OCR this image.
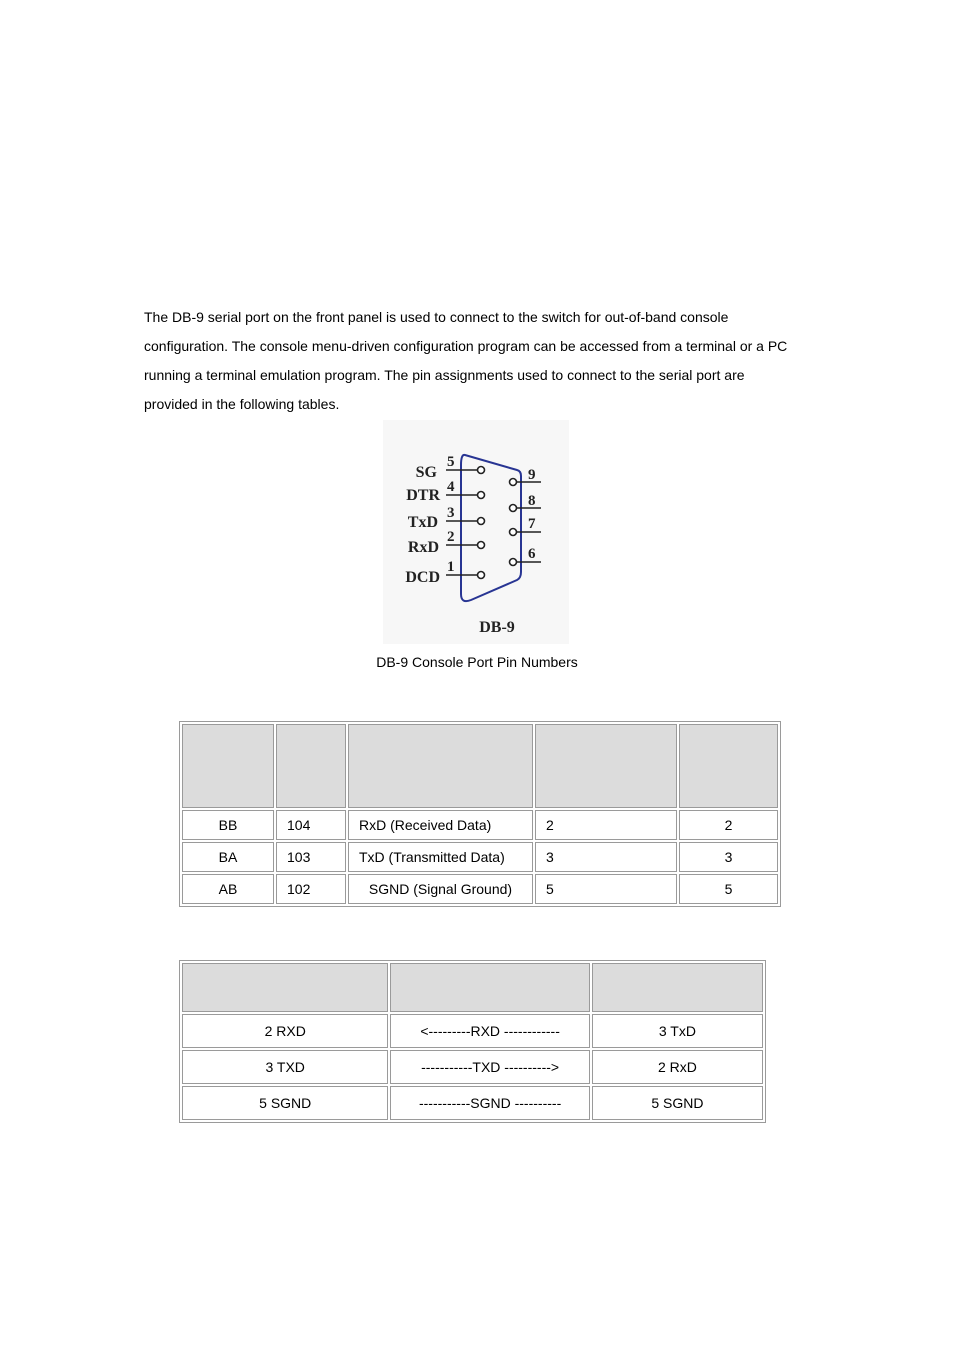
The DB-9 serial port on the front panel is used to connect to the switch for out-of-band console
configuration. The console menu-driven configuration program can be accessed from a terminal or a PC
running a terminal emulation program. The pin assignments used to connect to the serial port are
provided in the following tables.
SG
DTR
TxD
RxD
DCD
DB-9
5
4
3
2
1
9
8
7
6
DB-9 Console Port Pin Numbers

BB	104	RxD (Received Data)	2	2
BA	103	TxD (Transmitted Data)	3	3
AB	102	SGND (Signal Ground)	5	5

2 RXD	<---------RXD ------------	3 TxD
3 TXD	-----------TXD ---------->	2 RxD
5 SGND	-----------SGND ----------	5 SGND
